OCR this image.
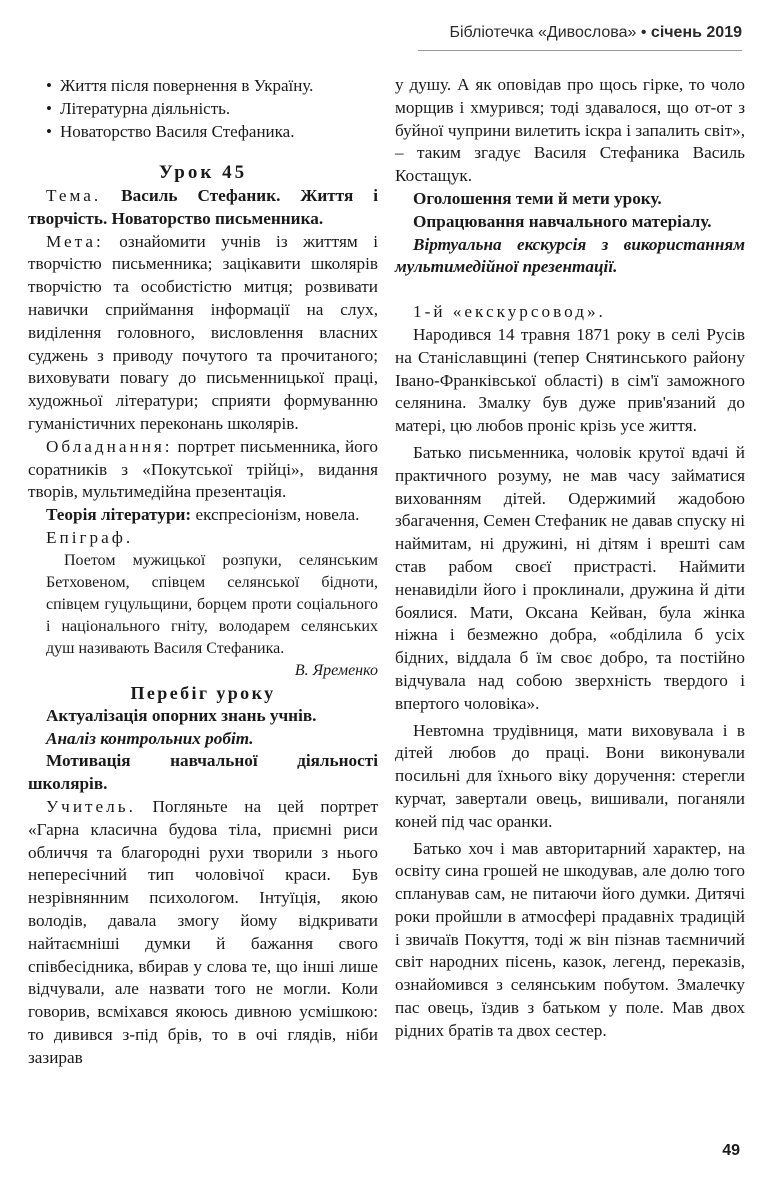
Бібліотечка «Дивослова» • січень 2019
• Життя після повернення в Україну.
• Літературна діяльність.
• Новаторство Василя Стефаника.
Урок 45

Тема. Василь Стефаник. Життя і творчість. Новаторство письменника.

Мета: ознайомити учнів із життям і творчістю письменника; зацікавити школярів творчістю та особистістю митця; розвивати навички сприймання інформації на слух, виділення головного, висловлення власних суджень з приводу почутого та прочитаного; виховувати повагу до письменницької праці, художньої літератури; сприяти формуванню гуманістичних переконань школярів.

Обладнання: портрет письменника, його соратників з «Покутської трійці», видання творів, мультимедійна презентація.

Теорія літератури: експресіонізм, новела.

Епіграф.

Поетом мужицької розпуки, селянським Бетховеном, співцем селянської бідноти, співцем гуцульщини, борцем проти соціального і національного гніту, володарем селянських душ називають Василя Стефаника.

В. Яременко

Перебіг уроку

Актуалізація опорних знань учнів.

Аналіз контрольних робіт.

Мотивація навчальної діяльності школярів.

Учитель. Погляньте на цей портрет «Гарна класична будова тіла, приємні риси обличчя та благородні рухи творили з нього непересічний тип чоловічої краси. Був незрівнянним психологом. Інтуїція, якою володів, давала змогу йому відкривати найтаємніші думки й бажання свого співбесідника, вбирав у слова те, що інші лише відчували, але назвати того не могли. Коли говорив, всміхався якоюсь дивною усмішкою: то дивився з-під брів, то в очі глядів, ніби зазирав

у душу. А як оповідав про щось гірке, то чоло морщив і хмурився; тоді здавалося, що от-от з буйної чуприни вилетить іскра і запалить світ», – таким згадує Василя Стефаника Василь Костащук.

Оголошення теми й мети уроку.

Опрацювання навчального матеріалу.

Віртуальна екскурсія з використанням мультимедійної презентації.

1-й «екскурсовод».

Народився 14 травня 1871 року в селі Русів на Станіславщині (тепер Снятинського району Івано-Франківської області) в сім'ї заможного селянина. Змалку був дуже прив'язаний до матері, цю любов проніс крізь усе життя.

Батько письменника, чоловік крутої вдачі й практичного розуму, не мав часу займатися вихованням дітей. Одержимий жадобою збагачення, Семен Стефаник не давав спуску ні наймитам, ні дружині, ні дітям і врешті сам став рабом своєї пристрасті. Наймити ненавиділи його і проклинали, дружина й діти боялися. Мати, Оксана Кейван, була жінка ніжна і безмежно добра, «обділила б усіх бідних, віддала б їм своє добро, та постійно відчувала над собою зверхність твердого і впертого чоловіка».

Невтомна трудівниця, мати виховувала і в дітей любов до праці. Вони виконували посильні для їхнього віку доручення: стерегли курчат, завертали овець, вишивали, поганяли коней під час оранки.

Батько хоч і мав авторитарний характер, на освіту сина грошей не шкодував, але долю того спланував сам, не питаючи його думки. Дитячі роки пройшли в атмосфері прадавніх традицій і звичаїв Покуття, тоді ж він пізнав таємничий світ народних пісень, казок, легенд, переказів, ознайомився з селянським побутом. Змалечку пас овець, їздив з батьком у поле. Мав двох рідних братів та двох сестер.

49
